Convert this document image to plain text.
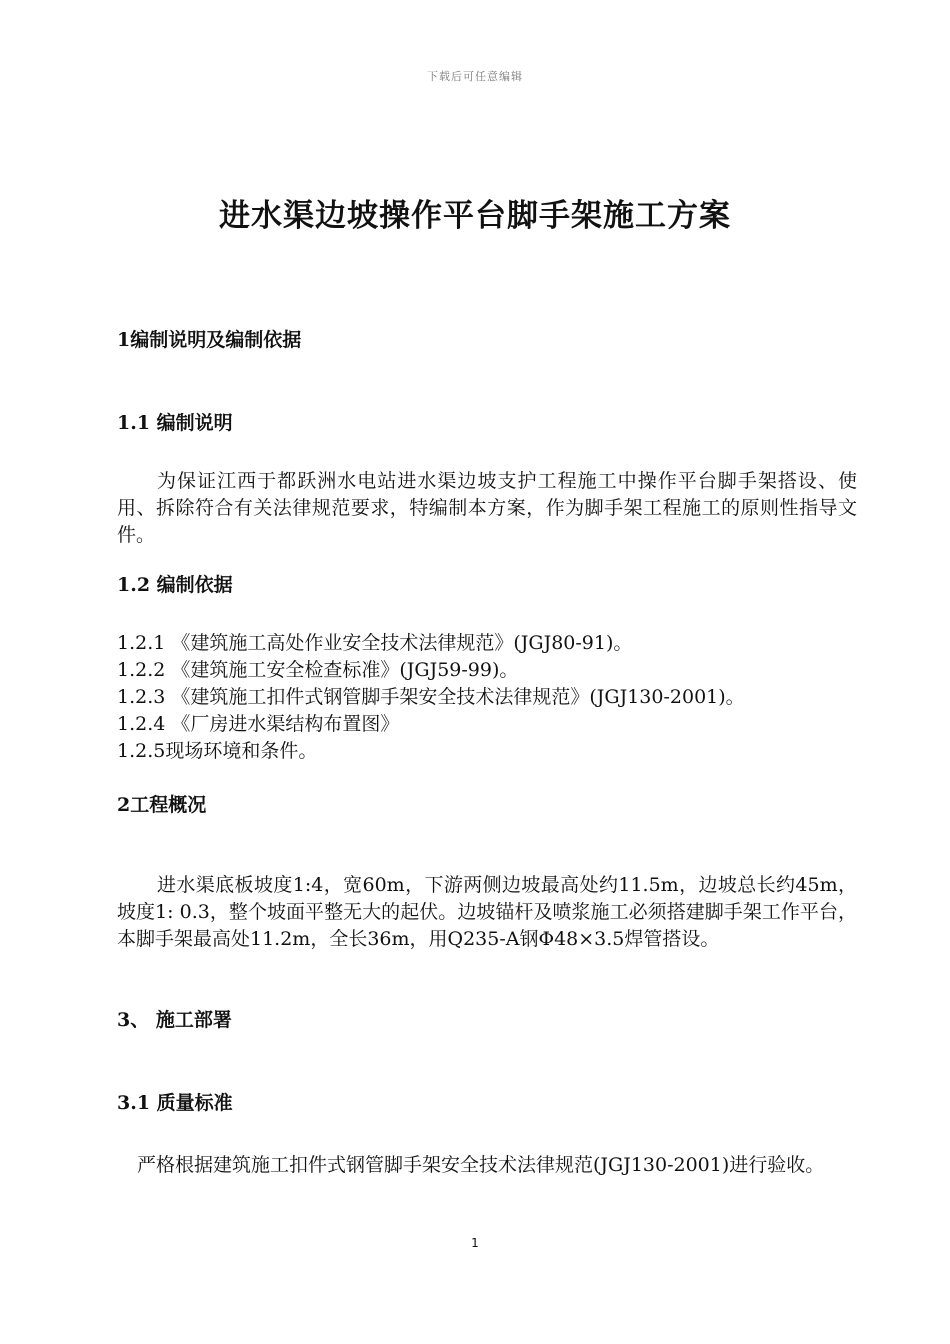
下载后可任意编辑
进水渠边坡操作平台脚手架施工方案
1编制说明及编制依据
1.1 编制说明

为保证江西于都跃洲水电站进水渠边坡支护工程施工中操作平台脚手架搭设、使用、拆除符合有关法律规范要求，特编制本方案，作为脚手架工程施工的原则性指导文件。

1.2 编制依据
1.2.1 《建筑施工高处作业安全技术法律规范》(JGJ80-91)。
1.2.2 《建筑施工安全检查标准》(JGJ59-99)。
1.2.3 《建筑施工扣件式钢管脚手架安全技术法律规范》(JGJ130-2001)。
1.2.4 《厂房进水渠结构布置图》
1.2.5现场环境和条件。
2工程概况

进水渠底板坡度1:4，宽60m，下游两侧边坡最高处约11.5m，边坡总长约45m，坡度1: 0.3，整个坡面平整无大的起伏。边坡锚杆及喷浆施工必须搭建脚手架工作平台，本脚手架最高处11.2m，全长36m，用Q235-A钢Φ48×3.5焊管搭设。

3、 施工部署
3.1 质量标准

严格根据建筑施工扣件式钢管脚手架安全技术法律规范(JGJ130-2001)进行验收。

1
